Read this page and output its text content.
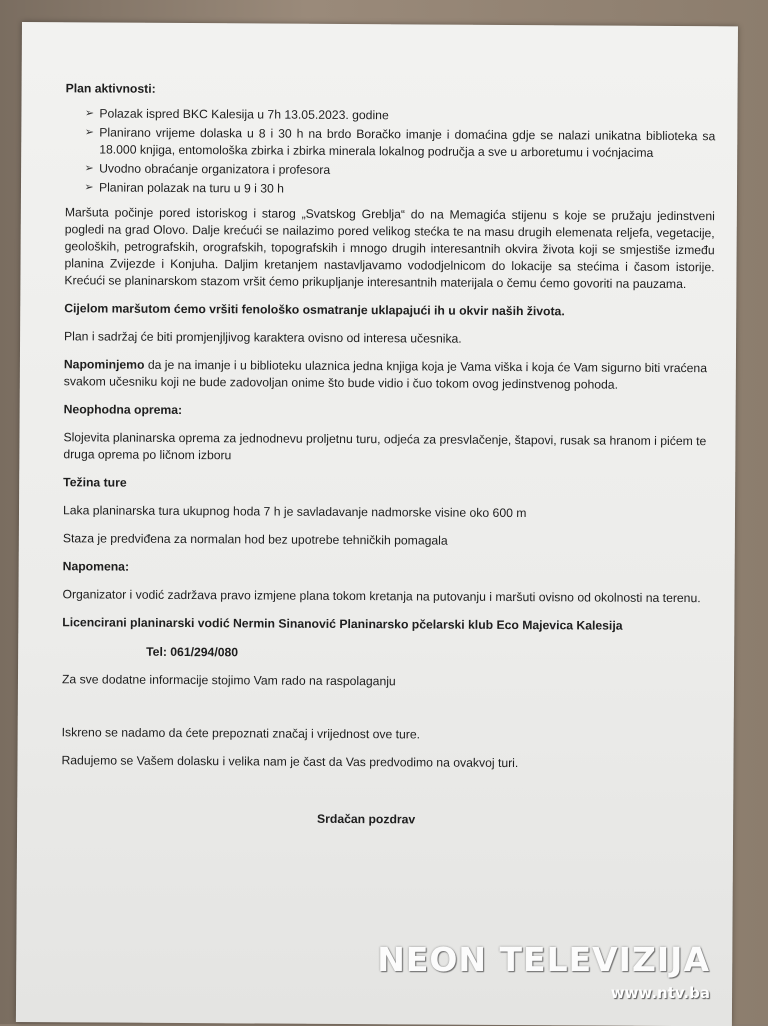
Plan aktivnosti:

➢ Polazak ispred BKC Kalesija u 7h 13.05.2023. godine
➢ Planirano vrijeme dolaska u 8 i 30 h na brdo Boračko imanje i domaćina gdje se nalazi unikatna biblioteka sa 18.000 knjiga, entomološka zbirka i zbirka minerala lokalnog područja a sve u arboretumu i voćnjacima
➢ Uvodno obraćanje organizatora i profesora
➢ Planiran polazak na turu u 9 i 30 h

Maršuta počinje pored istoriskog i starog „Svatskog Greblja“ do na Memagića stijenu s koje se pružaju jedinstveni pogledi na grad Olovo. Dalje krećući se nailazimo pored velikog stećka te na masu drugih elemenata reljefa, vegetacije, geoloških, petrografskih, orografskih, topografskih i mnogo drugih interesantnih okvira života koji se smjestiše između planina Zvijezde i Konjuha. Daljim kretanjem nastavljavamo vododjelnicom do lokacije sa stećima i časom istorije. Krećući se planinarskom stazom vršit ćemo prikupljanje interesantnih materijala o čemu ćemo govoriti na pauzama.

Cijelom maršutom ćemo vršiti fenološko osmatranje uklapajući ih u okvir naših života.

Plan i sadržaj će biti promjenjljivog karaktera ovisno od interesa učesnika.

Napominjemo da je na imanje i u biblioteku ulaznica jedna knjiga koja je Vama viška i koja će Vam sigurno biti vraćena svakom učesniku koji ne bude zadovoljan onime što bude vidio i čuo tokom ovog jedinstvenog pohoda.

Neophodna oprema:

Slojevita planinarska oprema za jednodnevu proljetnu turu, odjeća za presvlačenje, štapovi, rusak sa hranom i pićem te druga oprema po ličnom izboru

Težina ture

Laka planinarska tura ukupnog hoda 7 h je savladavanje nadmorske visine oko 600 m

Staza je predviđena za normalan hod bez upotrebe tehničkih pomagala

Napomena:

Organizator i vodić zadržava pravo izmjene plana tokom kretanja na putovanju i maršuti ovisno od okolnosti na terenu.

Licencirani planinarski vodić Nermin Sinanović Planinarsko pčelarski klub Eco Majevica Kalesija

Tel: 061/294/080

Za sve dodatne informacije stojimo Vam rado na raspolaganju

Iskreno se nadamo da ćete prepoznati značaj i vrijednost ove ture.

Radujemo se Vašem dolasku i velika nam je čast da Vas predvodimo na ovakvoj turi.

Srdačan pozdrav

NEON TELEVIZIJA
www.ntv.ba
